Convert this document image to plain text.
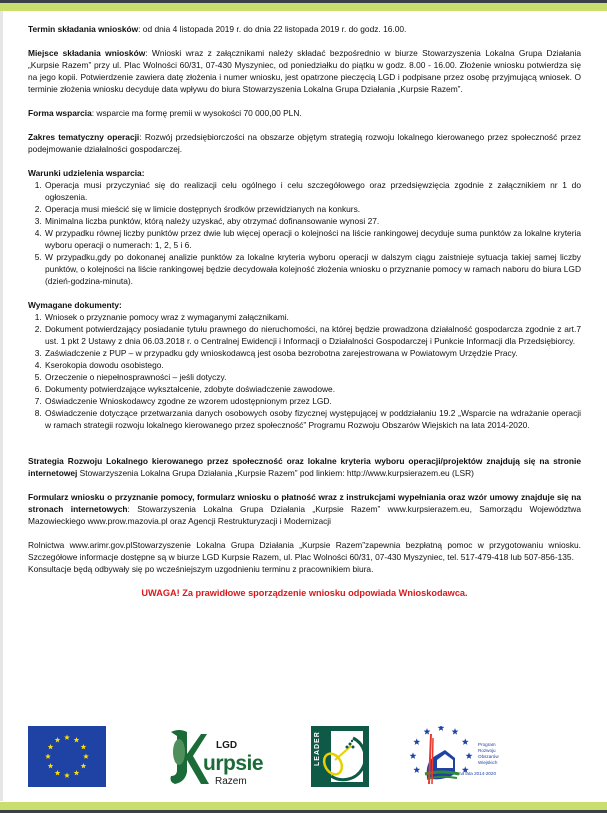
Termin składania wniosków: od dnia 4 listopada 2019 r. do dnia 22 listopada 2019 r. do godz. 16.00.

Miejsce składania wniosków: Wnioski wraz z załącznikami należy składać bezpośrednio w biurze Stowarzyszenia Lokalna Grupa Działania „Kurpsie Razem” przy ul. Plac Wolności 60/31, 07-430 Myszyniec, od poniedziałku do piątku w godz. 8.00 - 16.00. Złożenie wniosku potwierdza się na jego kopii. Potwierdzenie zawiera datę złożenia i numer wniosku, jest opatrzone pieczęcią LGD i podpisane przez osobę przyjmującą wniosek. O terminie złożenia wniosku decyduje data wpływu do biura Stowarzyszenia Lokalna Grupa Działania „Kurpsie Razem”.

Forma wsparcia: wsparcie ma formę premii w wysokości 70 000,00 PLN.

Zakres tematyczny operacji: Rozwój przedsiębiorczości na obszarze objętym strategią rozwoju lokalnego kierowanego przez społeczność przez podejmowanie działalności gospodarczej.

Warunki udzielenia wsparcia:
1. Operacja musi przyczyniać się do realizacji celu ogólnego i celu szczegółowego oraz przedsięwzięcia zgodnie z załącznikiem nr 1 do ogłoszenia.
2. Operacja musi mieścić się w limicie dostępnych środków przewidzianych na konkurs.
3. Minimalna liczba punktów, którą należy uzyskać, aby otrzymać dofinansowanie wynosi 27.
4. W przypadku równej liczby punktów przez dwie lub więcej operacji o kolejności na liście rankingowej decyduje suma punktów za lokalne kryteria wyboru operacji o numerach: 1, 2, 5 i 6.
5. W przypadku,gdy po dokonanej analizie punktów za lokalne kryteria wyboru operacji w dalszym ciągu zaistnieje sytuacja takiej samej liczby punktów, o kolejności na liście rankingowej będzie decydowała kolejność złożenia wniosku o przyznanie pomocy w ramach naboru do biura LGD (dzień-godzina-minuta).
Wymagane dokumenty:
1. Wniosek o przyznanie pomocy wraz z wymaganymi załącznikami.
2. Dokument potwierdzający posiadanie tytułu prawnego do nieruchomości, na której będzie prowadzona działalność gospodarcza zgodnie z art.7 ust. 1 pkt 2 Ustawy z dnia 06.03.2018 r. o Centralnej Ewidencji i Informacji o Działalności Gospodarczej i Punkcie Informacji dla Przedsiębiorcy.
3. Zaświadczenie z PUP – w przypadku gdy wnioskodawcą jest osoba bezrobotna zarejestrowana w Powiatowym Urzędzie Pracy.
4. Kserokopia dowodu osobistego.
5. Orzeczenie o niepełnosprawności – jeśli dotyczy.
6. Dokumenty potwierdzające wykształcenie, zdobyte doświadczenie zawodowe.
7. Oświadczenie Wnioskodawcy zgodne ze wzorem udostępnionym przez LGD.
8. Oświadczenie dotyczące przetwarzania danych osobowych osoby fizycznej występującej w poddziałaniu 19.2 „Wsparcie na wdrażanie operacji w ramach strategii rozwoju lokalnego kierowanego przez społeczność” Programu Rozwoju Obszarów Wiejskich na lata 2014-2020.

Strategia Rozwoju Lokalnego kierowanego przez społeczność oraz lokalne kryteria wyboru operacji/projektów znajdują się na stronie internetowej Stowarzyszenia Lokalna Grupa Działania „Kurpsie Razem” pod linkiem: http://www.kurpsierazem.eu (LSR)

Formularz wniosku o przyznanie pomocy, formularz wniosku o płatność wraz z instrukcjami wypełniania oraz wzór umowy znajduje się na stronach internetowych: Stowarzyszenia Lokalna Grupa Działania „Kurpsie Razem” www.kurpsierazem.eu, Samorządu Województwa Mazowieckiego www.prow.mazovia.pl oraz Agencji Restrukturyzacji i Modernizacji

Rolnictwa www.arimr.gov.plStowarzyszenie Lokalna Grupa Działania „Kurpsie Razem”zapewnia bezpłatną pomoc w przygotowaniu wniosku. Szczegółowe informacje dostępne są w biurze LGD Kurpsie Razem, ul. Plac Wolności 60/31, 07-430 Myszyniec, tel. 517-479-418 lub 507-856-135.

Konsultacje będą odbywały się po wcześniejszym uzgodnieniu terminu z pracownikiem biura.

UWAGA! Za prawidłowe sporządzenie wniosku odpowiada Wnioskodawca.
LGD
urpsie
Razem
LEADER	Program
Rozwoju
Obszarów
Wiejskich
na lata 2014-2020
